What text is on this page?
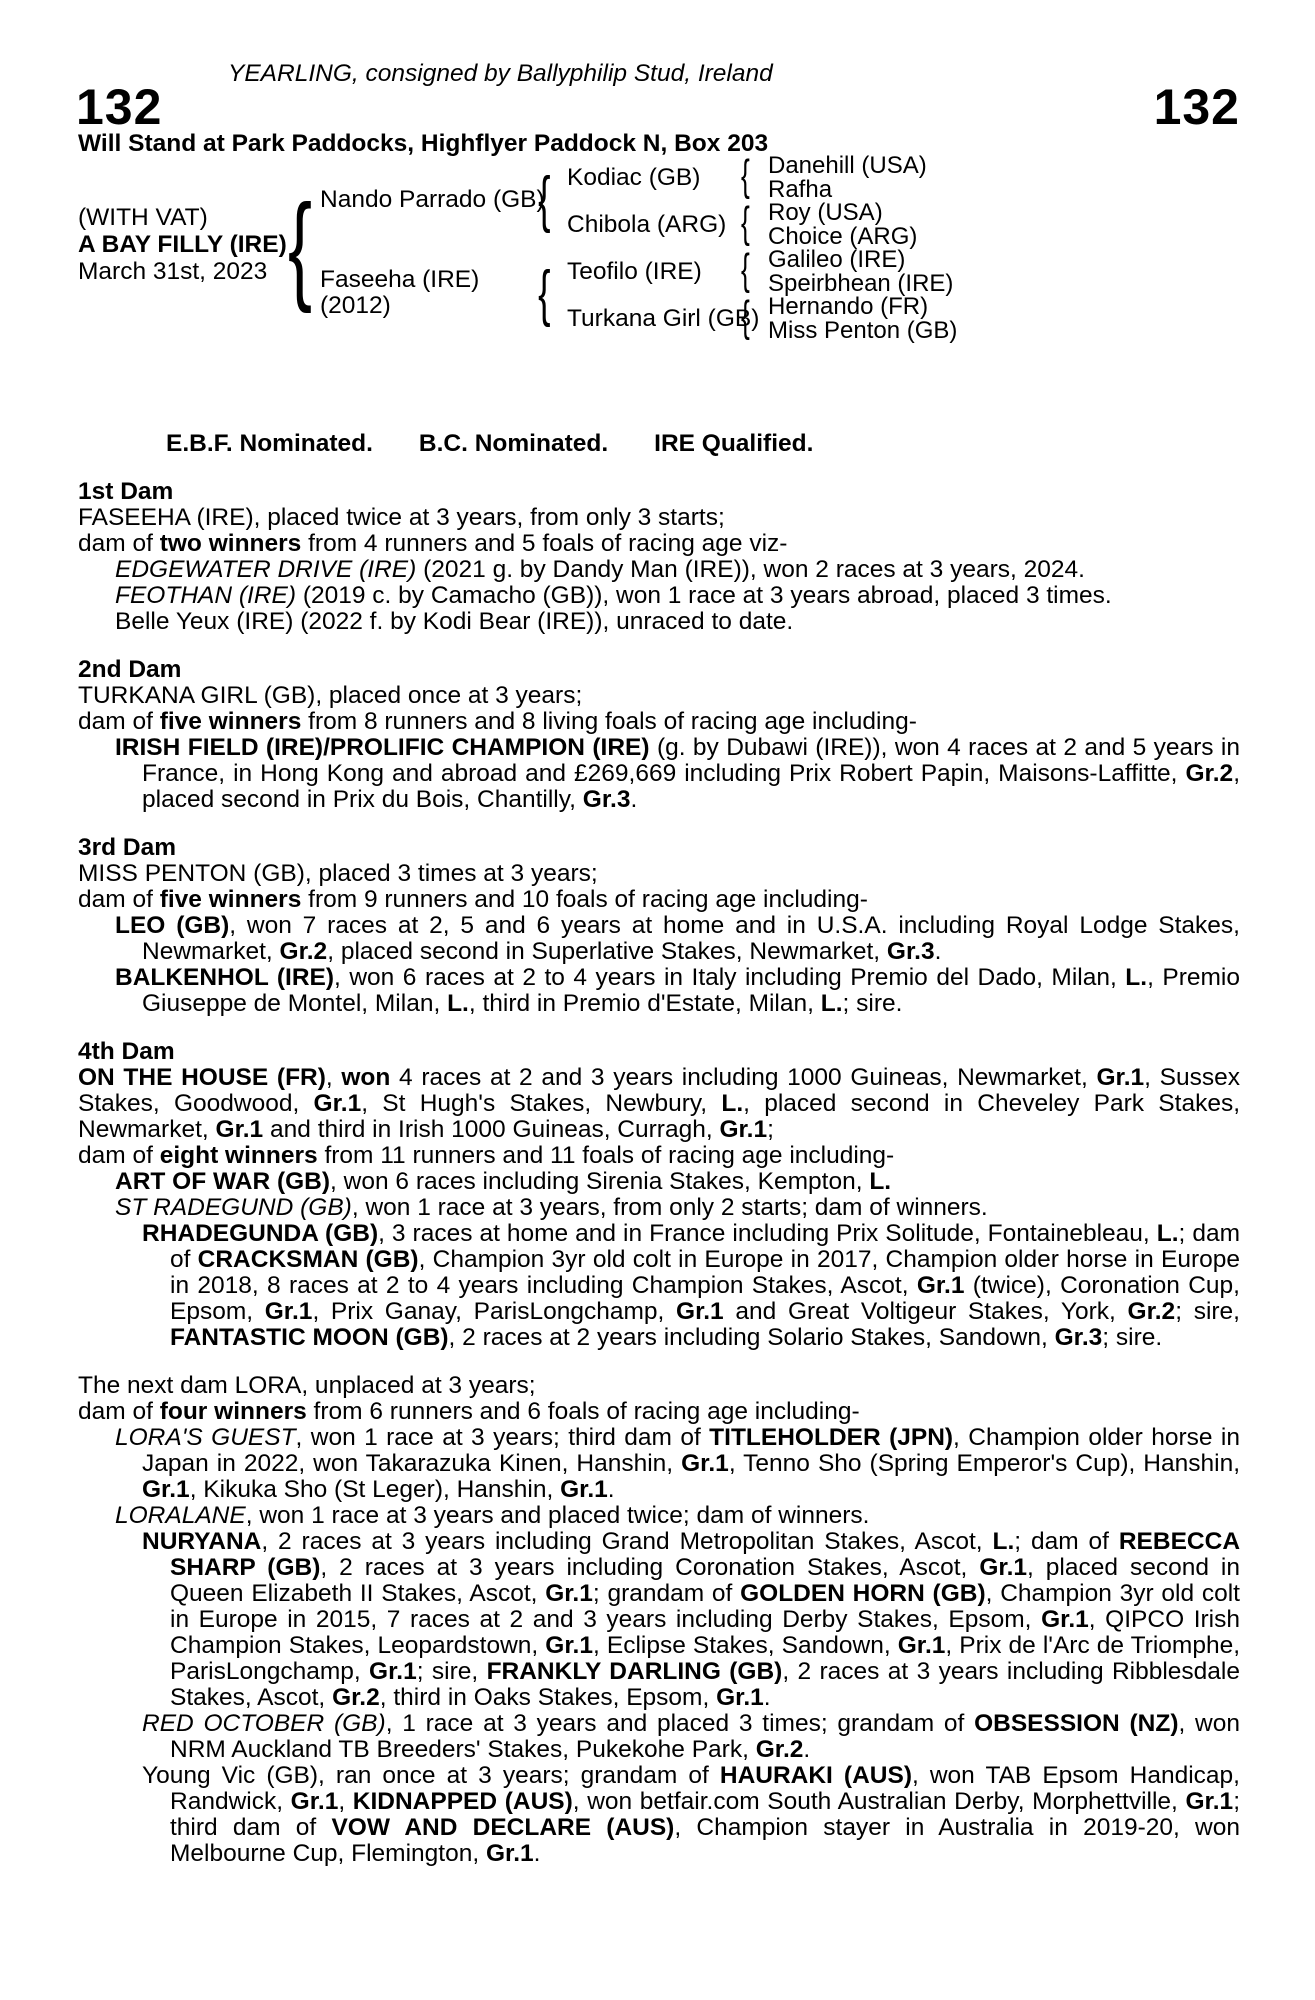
YEARLING, consigned by Ballyphilip Stud, Ireland
132	132
Will Stand at Park Paddocks, Highflyer Paddock N, Box 203
(WITH VAT)
A BAY FILLY (IRE)
March 31st, 2023
Nando Parrado (GB)
Faseeha (IRE)
(2012)
Kodiac (GB)
Chibola (ARG)
Teofilo (IRE)
Turkana Girl (GB)
Danehill (USA)
Rafha
Roy (USA)
Choice (ARG)
Galileo (IRE)
Speirbhean (IRE)
Hernando (FR)
Miss Penton (GB)
E.B.F. Nominated. B.C. Nominated. IRE Qualified.
1st Dam

FASEEHA (IRE), placed twice at 3 years, from only 3 starts;

dam of two winners from 4 runners and 5 foals of racing age viz-

EDGEWATER DRIVE (IRE) (2021 g. by Dandy Man (IRE)), won 2 races at 3 years, 2024.

FEOTHAN (IRE) (2019 c. by Camacho (GB)), won 1 race at 3 years abroad, placed 3 times.

Belle Yeux (IRE) (2022 f. by Kodi Bear (IRE)), unraced to date.

2nd Dam

TURKANA GIRL (GB), placed once at 3 years;

dam of five winners from 8 runners and 8 living foals of racing age including-

IRISH FIELD (IRE)/PROLIFIC CHAMPION (IRE) (g. by Dubawi (IRE)), won 4 races at 2 and 5 years in France, in Hong Kong and abroad and £269,669 including Prix Robert Papin, Maisons-Laffitte, Gr.2, placed second in Prix du Bois, Chantilly, Gr.3.

3rd Dam

MISS PENTON (GB), placed 3 times at 3 years;

dam of five winners from 9 runners and 10 foals of racing age including-

LEO (GB), won 7 races at 2, 5 and 6 years at home and in U.S.A. including Royal Lodge Stakes, Newmarket, Gr.2, placed second in Superlative Stakes, Newmarket, Gr.3.

BALKENHOL (IRE), won 6 races at 2 to 4 years in Italy including Premio del Dado, Milan, L., Premio Giuseppe de Montel, Milan, L., third in Premio d'Estate, Milan, L.; sire.

4th Dam

ON THE HOUSE (FR), won 4 races at 2 and 3 years including 1000 Guineas, Newmarket, Gr.1, Sussex Stakes, Goodwood, Gr.1, St Hugh's Stakes, Newbury, L., placed second in Cheveley Park Stakes, Newmarket, Gr.1 and third in Irish 1000 Guineas, Curragh, Gr.1;

dam of eight winners from 11 runners and 11 foals of racing age including-

ART OF WAR (GB), won 6 races including Sirenia Stakes, Kempton, L.

ST RADEGUND (GB), won 1 race at 3 years, from only 2 starts; dam of winners.

RHADEGUNDA (GB), 3 races at home and in France including Prix Solitude, Fontainebleau, L.; dam of CRACKSMAN (GB), Champion 3yr old colt in Europe in 2017, Champion older horse in Europe in 2018, 8 races at 2 to 4 years including Champion Stakes, Ascot, Gr.1 (twice), Coronation Cup, Epsom, Gr.1, Prix Ganay, ParisLongchamp, Gr.1 and Great Voltigeur Stakes, York, Gr.2; sire, FANTASTIC MOON (GB), 2 races at 2 years including Solario Stakes, Sandown, Gr.3; sire.

The next dam LORA, unplaced at 3 years;

dam of four winners from 6 runners and 6 foals of racing age including-

LORA'S GUEST, won 1 race at 3 years; third dam of TITLEHOLDER (JPN), Champion older horse in Japan in 2022, won Takarazuka Kinen, Hanshin, Gr.1, Tenno Sho (Spring Emperor's Cup), Hanshin, Gr.1, Kikuka Sho (St Leger), Hanshin, Gr.1.

LORALANE, won 1 race at 3 years and placed twice; dam of winners.

NURYANA, 2 races at 3 years including Grand Metropolitan Stakes, Ascot, L.; dam of REBECCA SHARP (GB), 2 races at 3 years including Coronation Stakes, Ascot, Gr.1, placed second in Queen Elizabeth II Stakes, Ascot, Gr.1; grandam of GOLDEN HORN (GB), Champion 3yr old colt in Europe in 2015, 7 races at 2 and 3 years including Derby Stakes, Epsom, Gr.1, QIPCO Irish Champion Stakes, Leopardstown, Gr.1, Eclipse Stakes, Sandown, Gr.1, Prix de l'Arc de Triomphe, ParisLongchamp, Gr.1; sire, FRANKLY DARLING (GB), 2 races at 3 years including Ribblesdale Stakes, Ascot, Gr.2, third in Oaks Stakes, Epsom, Gr.1.

RED OCTOBER (GB), 1 race at 3 years and placed 3 times; grandam of OBSESSION (NZ), won NRM Auckland TB Breeders' Stakes, Pukekohe Park, Gr.2.

Young Vic (GB), ran once at 3 years; grandam of HAURAKI (AUS), won TAB Epsom Handicap, Randwick, Gr.1, KIDNAPPED (AUS), won betfair.com South Australian Derby, Morphettville, Gr.1; third dam of VOW AND DECLARE (AUS), Champion stayer in Australia in 2019-20, won Melbourne Cup, Flemington, Gr.1.
